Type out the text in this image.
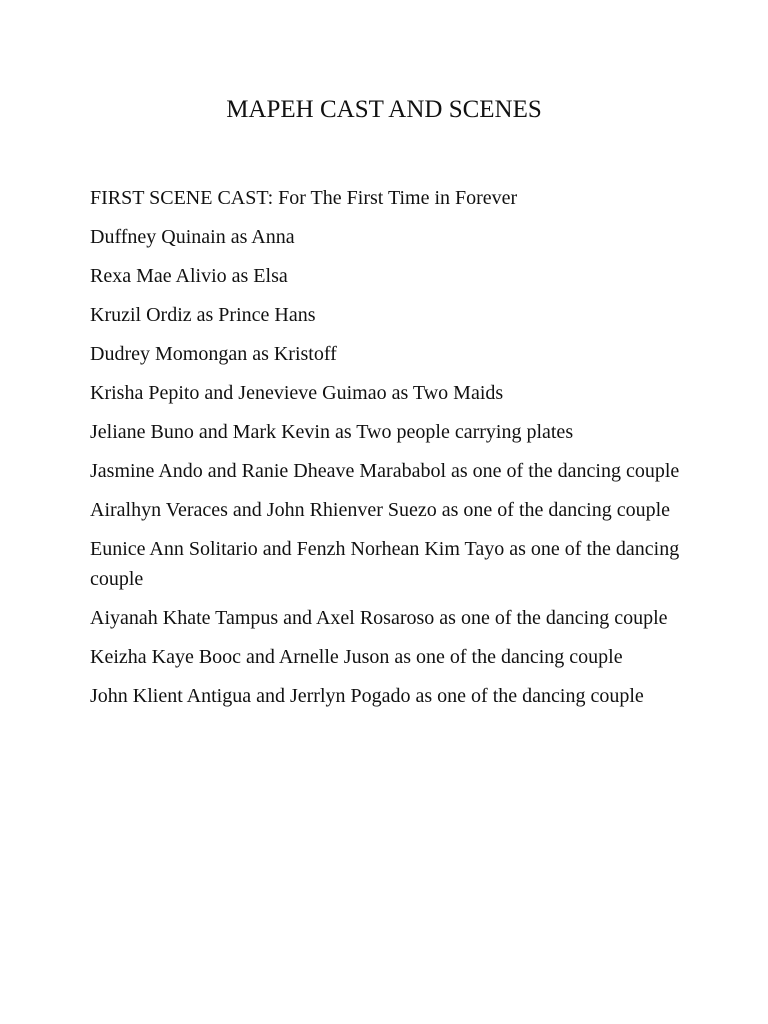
MAPEH CAST AND SCENES
FIRST SCENE CAST: For The First Time in Forever
Duffney Quinain as Anna
Rexa Mae Alivio as Elsa
Kruzil Ordiz as Prince Hans
Dudrey Momongan as Kristoff
Krisha Pepito and Jenevieve Guimao as Two Maids
Jeliane Buno and Mark Kevin as Two people carrying plates
Jasmine Ando and Ranie Dheave Marababol as one of the dancing couple
Airalhyn Veraces and John Rhienver Suezo as one of the dancing couple
Eunice Ann Solitario and Fenzh Norhean Kim Tayo as one of the dancing couple
Aiyanah Khate Tampus and Axel Rosaroso as one of the dancing couple
Keizha Kaye Booc and Arnelle Juson as one of the dancing couple
John Klient Antigua and Jerrlyn Pogado as one of the dancing couple
